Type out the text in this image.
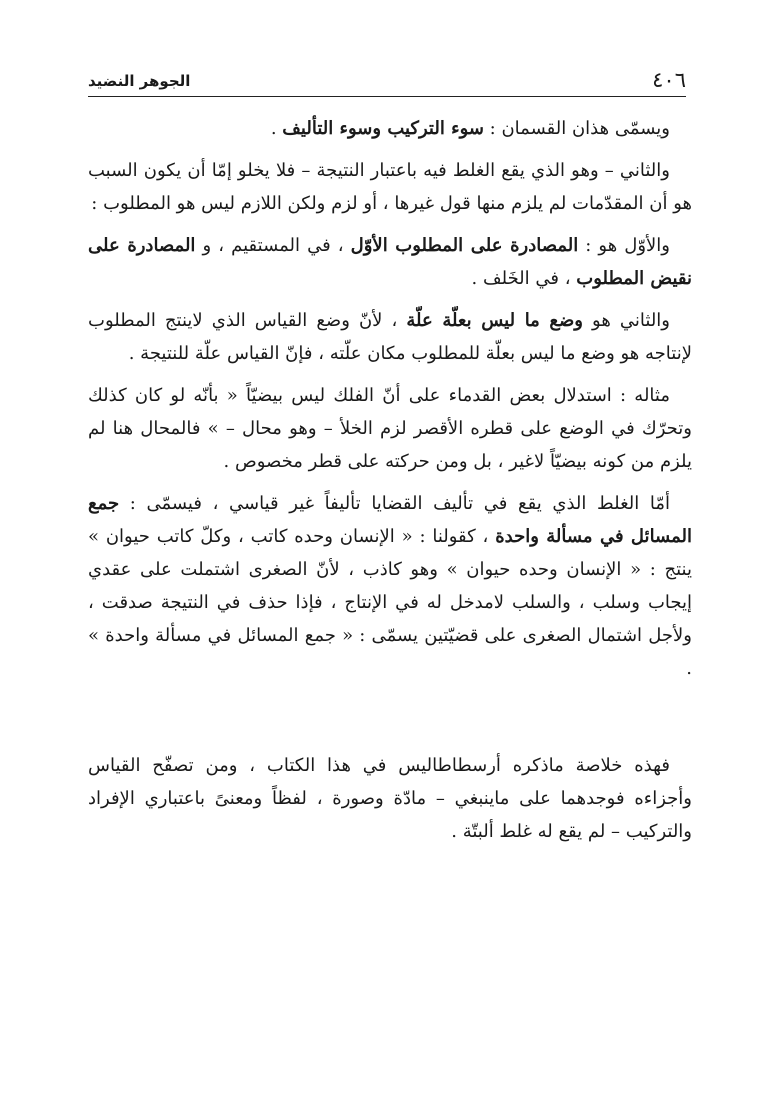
٤٠٦
الجوهر النضيد

ويسمّى هذان القسمان : سوء التركيب وسوء التأليف .

والثاني – وهو الذي يقع الغلط فيه باعتبار النتيجة – فلا يخلو إمّا أن يكون السبب هو أن المقدّمات لم يلزم منها قول غيرها ، أو لزم ولكن اللازم ليس هو المطلوب :

والأوّل هو : المصادرة على المطلوب الأوّل ، في المستقيم ، و المصادرة على نقيض المطلوب ، في الخَلف .

والثاني هو وضع ما ليس بعلّة علّة ، لأنّ وضع القياس الذي لاينتج المطلوب لإنتاجه هو وضع ما ليس بعلّة للمطلوب مكان علّته ، فإنّ القياس علّة للنتيجة .

مثاله : استدلال بعض القدماء على أنّ الفلك ليس بيضيّاً « بأنّه لو كان كذلك وتحرّك في الوضع على قطره الأقصر لزم الخلأ – وهو محال – » فالمحال هنا لم يلزم من كونه بيضيّاً لاغير ، بل ومن حركته على قطر مخصوص .

أمّا الغلط الذي يقع في تأليف القضايا تأليفاً غير قياسي ، فيسمّى : جمع المسائل في مسألة واحدة ، كقولنا : « الإنسان وحده كاتب ، وكلّ كاتب حيوان » ينتج : « الإنسان وحده حيوان » وهو كاذب ، لأنّ الصغرى اشتملت على عقدي إيجاب وسلب ، والسلب لامدخل له في الإنتاج ، فإذا حذف في النتيجة صدقت ، ولأجل اشتمال الصغرى على قضيّتين يسمّى : « جمع المسائل في مسألة واحدة » .

فهذه خلاصة ماذكره أرسطاطاليس في هذا الكتاب ، ومن تصفّح القياس وأجزاءه فوجدهما على ماينبغي – مادّة وصورة ، لفظاً ومعنىً باعتباري الإفراد والتركيب – لم يقع له غلط ألبتّة .
